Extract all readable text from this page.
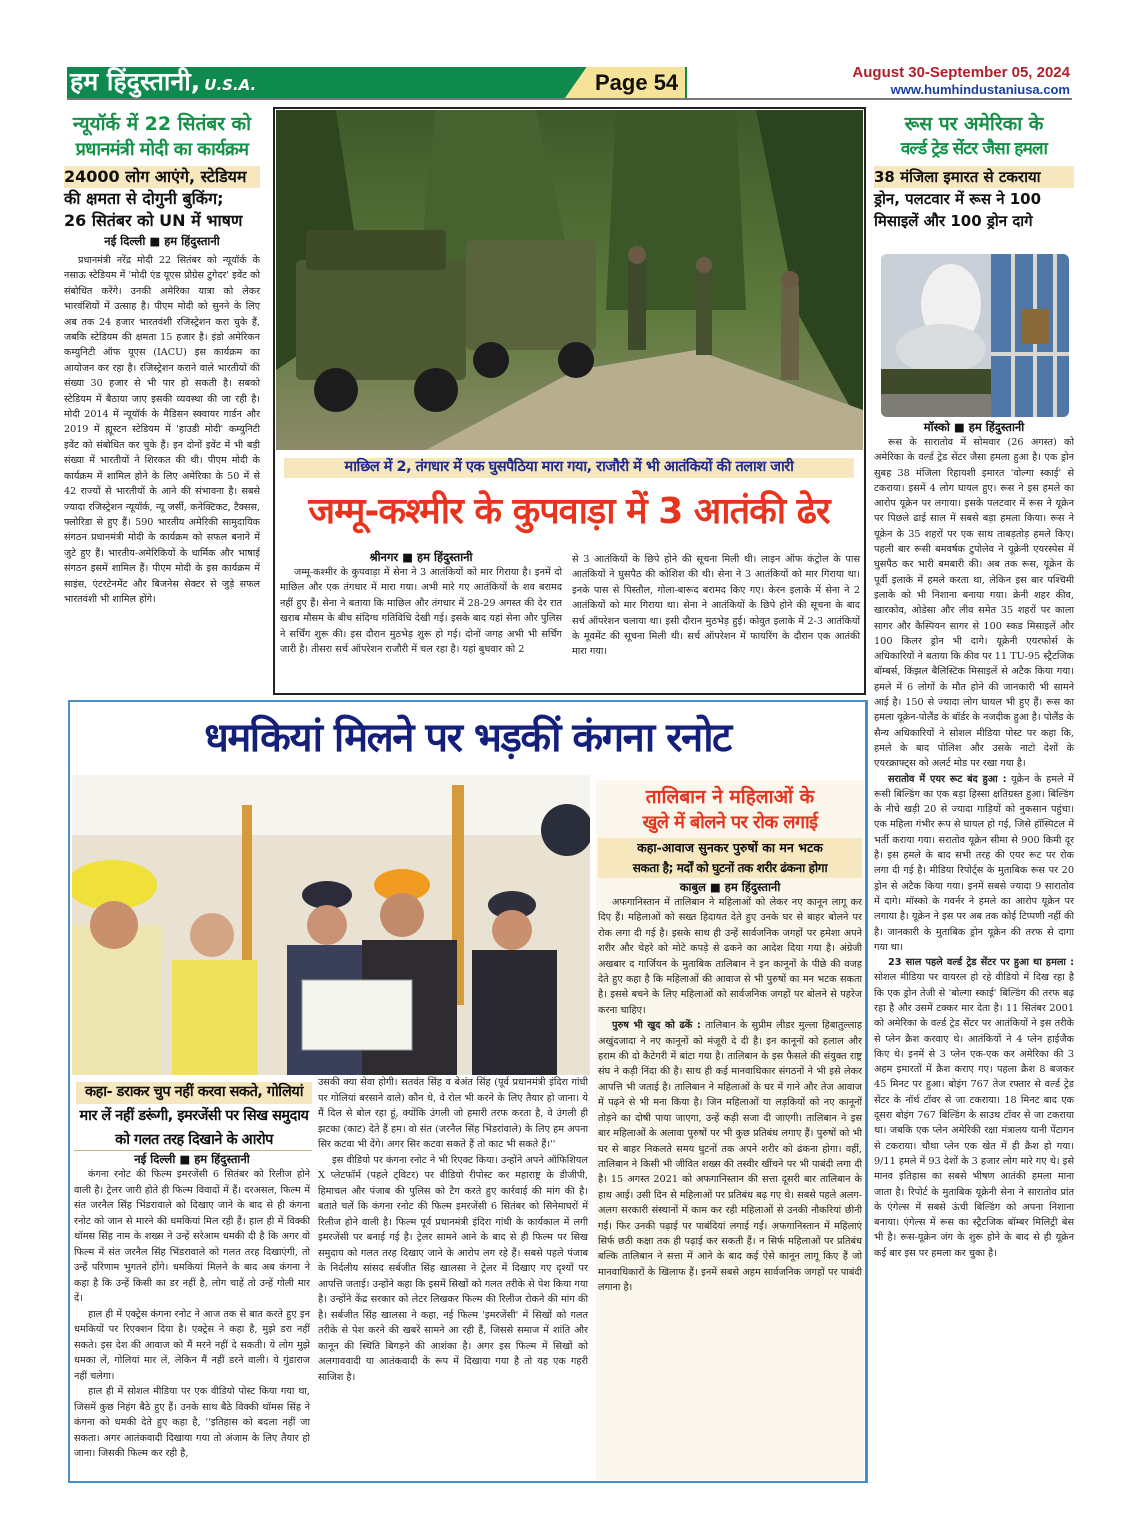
हम हिंदुस्तानी, U.S.A.	Page 54	August 30-September 05, 2024
www.humhindustaniusa.com
न्यूयॉर्क में 22 सितंबर को
प्रधानमंत्री मोदी का कार्यक्रम
24000 लोग आएंगे, स्टेडियम
की क्षमता से दोगुनी बुकिंग;
26 सितंबर को UN में भाषण
नई दिल्ली ■ हम हिंदुस्तानी

प्रधानमंत्री नरेंद्र मोदी 22 सितंबर को न्यूयॉर्क के नसाऊ स्टेडियम में 'मोदी एंड यूएस प्रोग्रेस टुगेदर' इवेंट को संबोधित करेंगे। उनकी अमेरिका यात्रा को लेकर भारवंशियों में उत्साह है। पीएम मोदी को सुनने के लिए अब तक 24 हजार भारतवंशी रजिस्ट्रेशन करा चुके हैं, जबकि स्टेडियम की क्षमता 15 हजार है। इंडो अमेरिकन कम्युनिटी ऑफ यूएस (IACU) इस कार्यक्रम का आयोजन कर रहा है। रजिस्ट्रेशन कराने वाले भारतीयों की संख्या 30 हजार से भी पार हो सकती है। सबको स्टेडियम में बैठाया जाए इसकी व्यवस्था की जा रही है। मोदी 2014 में न्यूयॉर्क के मैडिसन स्क्वायर गार्डन और 2019 में ह्यूस्टन स्टेडियम में 'हाउडी मोदी' कम्युनिटी इवेंट को संबोधित कर चुके हैं। इन दोनों इवेंट में भी बड़ी संख्या में भारतीयों ने शिरकत की थी। पीएम मोदी के कार्यक्रम में शामिल होने के लिए अमेरिका के 50 में से 42 राज्यों से भारतीयों के आने की संभावना है। सबसे ज्यादा रजिस्ट्रेशन न्यूयॉर्क, न्यू जर्सी, कनेक्टिकट, टैक्सस, फ्लोरिडा से हुए हैं। 590 भारतीय अमेरिकी सामुदायिक संगठन प्रधानमंत्री मोदी के कार्यक्रम को सफल बनाने में जुटे हुए हैं। भारतीय-अमेरिकियों के धार्मिक और भाषाई संगठन इसमें शामिल हैं। पीएम मोदी के इस कार्यक्रम में साइंस, एंटरटेनमेंट और बिजनेस सेक्टर से जुड़े सफल भारतवंशी भी शामिल होंगे।

माछिल में 2, तंगधार में एक घुसपैठिया मारा गया, राजौरी में भी आतंकियों की तलाश जारी
जम्मू-कश्मीर के कुपवाड़ा में 3 आतंकी ढेर
श्रीनगर ■ हम हिंदुस्तानी

जम्मू-कश्मीर के कुपवाड़ा में सेना ने 3 आतंकियों को मार गिराया है। इनमें दो माछिल और एक तंगधार में मारा गया। अभी मारे गए आतंकियों के शव बरामद नहीं हुए हैं। सेना ने बताया कि माछिल और तंगधार में 28-29 अगस्त की देर रात खराब मौसम के बीच संदिग्ध गतिविधि देखी गई। इसके बाद यहां सेना और पुलिस ने सर्चिंग शुरू की। इस दौरान मुठभेड़ शुरू हो गई। दोनों जगह अभी भी सर्चिंग जारी है। तीसरा सर्च ऑपरेशन राजौरी में चल रहा है। यहां बुधवार को 2

से 3 आतंकियों के छिपे होने की सूचना मिली थी। लाइन ऑफ कंट्रोल के पास आतंकियों ने घुसपैठ की कोशिश की थी। सेना ने 3 आतंकियों को मार गिराया था। इनके पास से पिस्तौल, गोला-बारूद बरामद किए गए। केरन इलाके में सेना ने 2 आतंकियों को मार गिराया था। सेना ने आतंकियों के छिपे होने की सूचना के बाद सर्च ऑपरेशन चलाया था। इसी दौरान मुठभेड़ हुई। कोवुत इलाके में 2-3 आतंकियों के मूवमेंट की सूचना मिली थी। सर्च ऑपरेशन में फायरिंग के दौरान एक आतंकी मारा गया।

रूस पर अमेरिका के
वर्ल्ड ट्रेड सेंटर जैसा हमला
38 मंजिला इमारत से टकराया
ड्रोन, पलटवार में रूस ने 100
मिसाइलें और 100 ड्रोन दागे
मॉस्को ■ हम हिंदुस्तानी

रूस के सारातोव में सोमवार (26 अगस्त) को अमेरिका के वर्ल्ड ट्रेड सेंटर जैसा हमला हुआ है। एक ड्रोन सुबह 38 मंजिला रिहायशी इमारत 'वोल्गा स्काई' से टकराया। इसमें 4 लोग घायल हुए। रूस ने इस हमले का आरोप यूक्रेन पर लगाया। इसके पलटवार में रूस ने यूक्रेन पर पिछले ढाई साल में सबसे बड़ा हमला किया। रूस ने यूक्रेन के 35 शहरों पर एक साथ ताबड़तोड़ हमले किए। पहली बार रूसी बमवर्षक टुपोलेव ने यूक्रेनी एयरस्पेस में घुसपैठ कर भारी बमबारी की। अब तक रूस, यूक्रेन के पूर्वी इलाके में हमले करता था, लेकिन इस बार पश्चिमी इलाके को भी निशाना बनाया गया। क्रेनी शहर कीव, खारकोव, ओडेसा और लीव समेत 35 शहरों पर काला सागर और कैस्पियन सागर से 100 स्कड मिसाइलें और 100 किलर ड्रोन भी दागे। यूक्रेनी एयरफोर्स के अधिकारियों ने बताया कि कीव पर 11 TU-95 स्ट्रैटजिक बॉम्बर्स, किंझल बैलिस्टिक मिसाइलें से अटैक किया गया। हमले में 6 लोगों के मौत होने की जानकारी भी सामने आई है। 150 से ज्यादा लोग घायल भी हुए हैं। रूस का हमला यूक्रेन-पोलैंड के बॉर्डर के नजदीक हुआ है। पोलैंड के सैन्य अधिकारियों ने सोशल मीडिया पोस्ट पर कहा कि, हमले के बाद पोलिश और उसके नाटो देशों के एयरक्राफ्ट्स को अलर्ट मोड पर रखा गया है।

सरातोव में एयर रूट बंद हुआ : यूक्रेन के हमले में रूसी बिल्डिंग का एक बड़ा हिस्सा क्षतिग्रस्त हुआ। बिल्डिंग के नीचे खड़ी 20 से ज्यादा गाड़ियों को नुकसान पहुंचा। एक महिला गंभीर रूप से घायल हो गई, जिसे हॉस्पिटल में भर्ती कराया गया। सरातोव यूक्रेन सीमा से 900 किमी दूर है। इस हमले के बाद सभी तरह की एयर रूट पर रोक लगा दी गई है। मीडिया रिपोर्ट्स के मुताबिक रूस पर 20 ड्रोन से अटैक किया गया। इनमें सबसे ज्यादा 9 सारातोव में दागे। मॉस्को के गवर्नर ने हमले का आरोप यूक्रेन पर लगाया है। यूक्रेन ने इस पर अब तक कोई टिप्पणी नहीं की है। जानकारी के मुताबिक ड्रोन यूक्रेन की तरफ से दागा गया था।

23 साल पहले वर्ल्ड ट्रेड सेंटर पर हुआ था हमला : सोशल मीडिया पर वायरल हो रहे वीडियो में दिख रहा है कि एक ड्रोन तेजी से 'बोल्गा स्काई' बिल्डिंग की तरफ बढ़ रहा है और उसमें टक्कर मार देता है। 11 सितंबर 2001 को अमेरिका के वर्ल्ड ट्रेड सेंटर पर आतंकियों ने इस तरीके से प्लेन क्रैश करवाए थे। आतंकियों ने 4 प्लेन हाईजैक किए थे। इनमें से 3 प्लेन एक-एक कर अमेरिका की 3 अहम इमारतों में क्रैश कराए गए। पहला क्रैश 8 बजकर 45 मिनट पर हुआ। बोइंग 767 तेज रफ्तार से वर्ल्ड ट्रेड सेंटर के नॉर्थ टॉवर से जा टकराया। 18 मिनट बाद एक दूसरा बोइंग 767 बिल्डिंग के साउथ टॉवर से जा टकराया था। जबकि एक प्लेन अमेरिकी रक्षा मंत्रालय यानी पेंटागन से टकराया। चौथा प्लेन एक खेत में ही क्रैश हो गया। 9/11 हमले में 93 देशों के 3 हजार लोग मारे गए थे। इसे मानव इतिहास का सबसे भीषण आतंकी हमला माना जाता है। रिपोर्ट के मुताबिक यूक्रेनी सेना ने सारातोव प्रांत के एंगेल्स में सबसे ऊंची बिल्डिंग को अपना निशाना बनाया। एंगेल्स में रूस का स्ट्रैटजिक बॉम्बर मिलिट्री बेस भी है। रूस-यूक्रेन जंग के शुरू होने के बाद से ही यूक्रेन कई बार इस पर हमला कर चुका है।

धमकियां मिलने पर भड़कीं कंगना रनोट
कहा- डराकर चुप नहीं करवा सकते, गोलियां मार लें नहीं डरूंगी, इमरजेंसी पर सिख समुदाय को गलत तरह दिखाने के आरोप
नई दिल्ली ■ हम हिंदुस्तानी

कंगना रनोट की फिल्म इमरजेंसी 6 सितंबर को रिलीज होने वाली है। ट्रेलर जारी होते ही फिल्म विवादों में हैं। दरअसल, फिल्म में संत जरनैल सिंह भिंडरावाले को दिखाए जाने के बाद से ही कंगना रनोट को जान से मारने की धमकियां मिल रही हैं। हाल ही में विक्की थॉमस सिंह नाम के शख्स ने उन्हें सरेआम धमकी दी है कि अगर वो फिल्म में संत जरनैल सिंह भिंडरावाले को गलत तरह दिखाएंगी, तो उन्हें परिणाम भुगतने होंगे। धमकियां मिलने के बाद अब कंगना ने कहा है कि उन्हें किसी का डर नहीं है, लोग चाहें तो उन्हें गोली मार दें।

हाल ही में एक्ट्रेस कंगना रनोट ने आज तक से बात करते हुए इन धमकियों पर रिएक्शन दिया है। एक्ट्रेस ने कहा है, मुझे डरा नहीं सकते। इस देश की आवाज को मैं मरने नहीं दे सकती। ये लोग मुझे धमका लें, गोलियां मार लें, लेकिन मैं नहीं डरने वाली। ये गुंडाराज नहीं चलेगा।

हाल ही में सोशल मीडिया पर एक वीडियो पोस्ट किया गया था, जिसमें कुछ निहंग बैठे हुए हैं। उनके साथ बैठे विक्की थॉमस सिंह ने कंगना को धमकी देते हुए कहा है, ''इतिहास को बदला नहीं जा सकता। अगर आतंकवादी दिखाया गया तो अंजाम के लिए तैयार हो जाना। जिसकी फिल्म कर रही है,

उसकी क्या सेवा होगी। सतवंत सिंह व बेअंत सिंह (पूर्व प्रधानमंत्री इंदिरा गांधी पर गोलियां बरसाने वाले) कौन थे, वे रोल भी करने के लिए तैयार हो जाना। ये मैं दिल से बोल रहा हूं, क्योंकि उंगली जो हमारी तरफ करता है, वे उंगली ही झटका (काट) देते हैं हम। वो संत (जरनैल सिंह भिंडरांवाले) के लिए हम अपना सिर कटवा भी देंगे। अगर सिर कटवा सकते हैं तो काट भी सकते हैं।''

इस वीडियो पर कंगना रनोट ने भी रिएक्ट किया। उन्होंने अपने ऑफिशियल X प्लेटफॉर्म (पहले ट्विटर) पर वीडियो रीपोस्ट कर महाराष्ट्र के डीजीपी, हिमाचल और पंजाब की पुलिस को टैग करते हुए कार्रवाई की मांग की है। बताते चलें कि कंगना रनोट की फिल्म इमरजेंसी 6 सितंबर को सिनेमाघरों में रिलीज होने वाली है। फिल्म पूर्व प्रधानमंत्री इंदिरा गांधी के कार्यकाल में लगी इमरजेंसी पर बनाई गई है। ट्रेलर सामने आने के बाद से ही फिल्म पर सिख समुदाय को गलत तरह दिखाए जाने के आरोप लग रहे हैं। सबसे पहले पंजाब के निर्दलीय सांसद सर्बजीत सिंह खालसा ने ट्रेलर में दिखाए गए दृश्यों पर आपत्ति जताई। उन्होंने कहा कि इसमें सिखों को गलत तरीके से पेश किया गया है। उन्होंने केंद्र सरकार को लेटर लिखकर फिल्म की रिलीज रोकने की मांग की है। सर्बजीत सिंह खालसा ने कहा, नई फिल्म 'इमरजेंसी' में सिखों को गलत तरीके से पेश करने की खबरें सामने आ रही हैं, जिससे समाज में शांति और कानून की स्थिति बिगड़ने की आशंका है। अगर इस फिल्म में सिखों को अलगाववादी या आतंकवादी के रूप में दिखाया गया है तो यह एक गहरी साजिश है।

तालिबान ने महिलाओं के
खुले में बोलने पर रोक लगाई
कहा-आवाज सुनकर पुरुषों का मन भटक
सकता है; मर्दों को घुटनों तक शरीर ढंकना होगा
काबुल ■ हम हिंदुस्तानी

अफगानिस्तान में तालिबान ने महिलाओं को लेकर नए कानून लागू कर दिए हैं। महिलाओं को सख्त हिदायत देते हुए उनके घर से बाहर बोलने पर रोक लगा दी गई है। इसके साथ ही उन्हें सार्वजनिक जगहों पर हमेशा अपने शरीर और चेहरे को मोटे कपड़े से ढकने का आदेश दिया गया है। अंग्रेजी अखबार द गार्जियन के मुताबिक तालिबान ने इन कानूनों के पीछे की वजह देते हुए कहा है कि महिलाओं की आवाज से भी पुरुषों का मन भटक सकता है। इससे बचने के लिए महिलाओं को सार्वजनिक जगहों पर बोलने से पहरेज करना चाहिए।

पुरुष भी खुद को ढकें : तालिबान के सुप्रीम लीडर मुल्ला हिबातुल्लाह अखुंदजादा ने नए कानूनों को मंजूरी दे दी है। इन कानूनों को हलाल और हराम की दो कैटेगरी में बांटा गया है। तालिबान के इस फैसले की संयुक्त राष्ट्र संघ ने कड़ी निंदा की है। साथ ही कई मानवाधिकार संगठनों ने भी इसे लेकर आपत्ति भी जताई है। तालिबान ने महिलाओं के घर में गाने और तेज आवाज में पढ़ने से भी मना किया है। जिन महिलाओं या लड़कियों को नए कानूनों तोड़ने का दोषी पाया जाएगा, उन्हें कड़ी सजा दी जाएगी। तालिबान ने इस बार महिलाओं के अलावा पुरुषों पर भी कुछ प्रतिबंध लगाए हैं। पुरुषों को भी घर से बाहर निकलते समय घुटनों तक अपने शरीर को ढंकना होगा। वहीं, तालिबान ने किसी भी जीवित शख्स की तस्वीर खींचने पर भी पाबंदी लगा दी है। 15 अगस्त 2021 को अफगानिस्तान की सत्ता दूसरी बार तालिबान के हाथ आई। उसी दिन से महिलाओं पर प्रतिबंध बढ़ गए थे। सबसे पहले अलग-अलग सरकारी संस्थानों में काम कर रही महिलाओं से उनकी नौकरियां छीनी गईं। फिर उनकी पढ़ाई पर पाबंदियां लगाई गईं। अफगानिस्तान में महिलाएं सिर्फ छठी कक्षा तक ही पढ़ाई कर सकती हैं। न सिर्फ महिलाओं पर प्रतिबंध बल्कि तालिबान ने सत्ता में आने के बाद कई ऐसे कानून लागू किए हैं जो मानवाधिकारों के खिलाफ हैं। इनमें सबसे अहम सार्वजनिक जगहों पर पाबंदी लगाना है।
